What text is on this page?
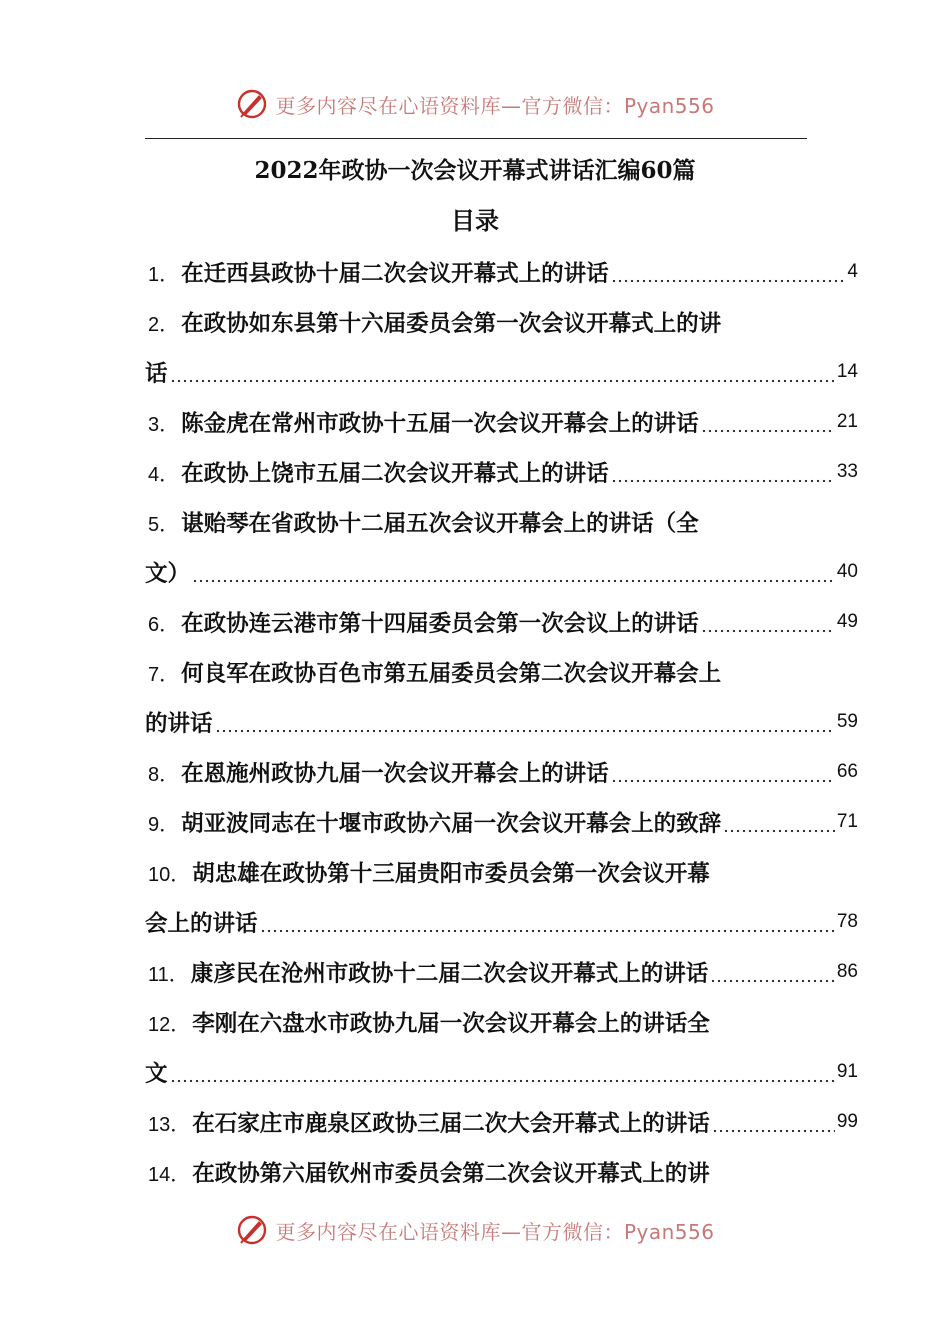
更多内容尽在心语资料库—官方微信：Pyan556
2022年政协一次会议开幕式讲话汇编60篇
目录
1． 在迁西县政协十届二次会议开幕式上的讲话	4
2． 在政协如东县第十六届委员会第一次会议开幕式上的讲
话	14
3． 陈金虎在常州市政协十五届一次会议开幕会上的讲话	21
4． 在政协上饶市五届二次会议开幕式上的讲话	33
5． 谌贻琴在省政协十二届五次会议开幕会上的讲话（全
文）	40
6． 在政协连云港市第十四届委员会第一次会议上的讲话	49
7． 何良军在政协百色市第五届委员会第二次会议开幕会上
的讲话	59
8． 在恩施州政协九届一次会议开幕会上的讲话	66
9． 胡亚波同志在十堰市政协六届一次会议开幕会上的致辞	71
10． 胡忠雄在政协第十三届贵阳市委员会第一次会议开幕
会上的讲话	78
11． 康彦民在沧州市政协十二届二次会议开幕式上的讲话	86
12． 李刚在六盘水市政协九届一次会议开幕会上的讲话全
文	91
13． 在石家庄市鹿泉区政协三届二次大会开幕式上的讲话	99
14． 在政协第六届钦州市委员会第二次会议开幕式上的讲
更多内容尽在心语资料库—官方微信：Pyan556
